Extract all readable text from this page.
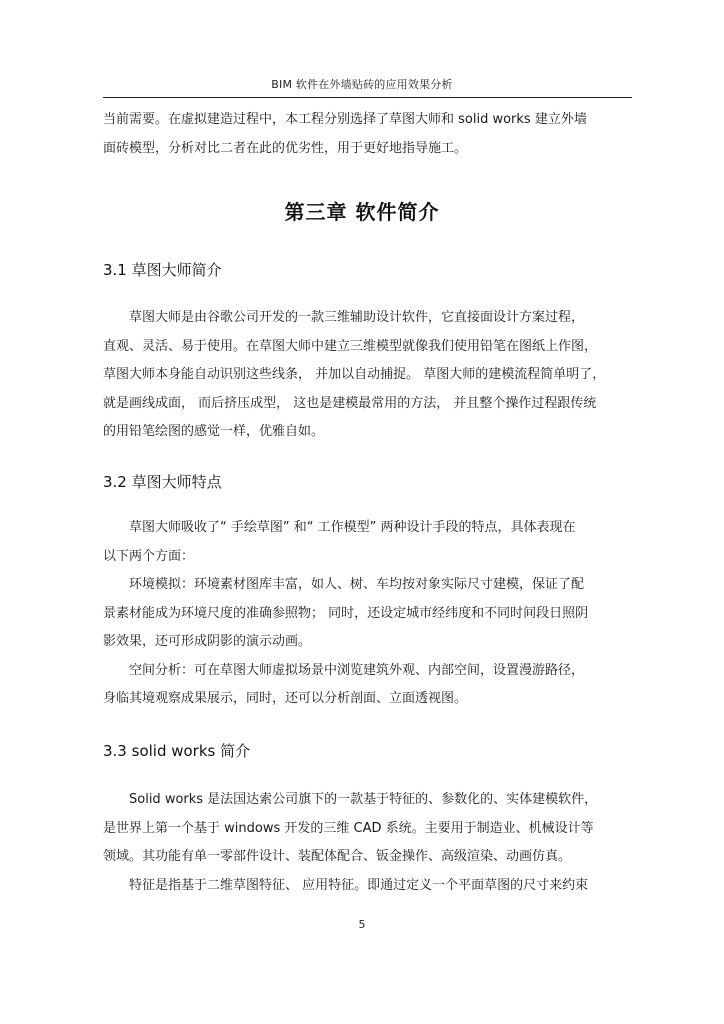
BIM 软件在外墙贴砖的应用效果分析
当前需要。在虚拟建造过程中，本工程分别选择了草图大师和 solid works 建立外墙
面砖模型，分析对比二者在此的优劣性，用于更好地指导施工。
第三章 软件简介
3.1 草图大师简介
草图大师是由谷歌公司开发的一款三维辅助设计软件，它直接面设计方案过程，
直观、灵活、易于使用。在草图大师中建立三维模型就像我们使用铅笔在图纸上作图，
草图大师本身能自动识别这些线条， 并加以自动捕捉。 草图大师的建模流程简单明了，
就是画线成面， 而后挤压成型， 这也是建模最常用的方法， 并且整个操作过程跟传统
的用铅笔绘图的感觉一样，优雅自如。
3.2 草图大师特点
草图大师吸收了“ 手绘草图” 和“ 工作模型” 两种设计手段的特点，具体表现在
以下两个方面：
环境模拟：环境素材图库丰富，如人、树、车均按对象实际尺寸建模，保证了配
景素材能成为环境尺度的准确参照物； 同时，还设定城市经纬度和不同时间段日照阴
影效果，还可形成阴影的演示动画。
空间分析：可在草图大师虚拟场景中浏览建筑外观、内部空间，设置漫游路径，
身临其境观察成果展示，同时，还可以分析剖面、立面透视图。
3.3 solid works 简介
Solid works 是法国达索公司旗下的一款基于特征的、参数化的、实体建模软件，
是世界上第一个基于 windows 开发的三维 CAD 系统。主要用于制造业、机械设计等
领域。其功能有单一零部件设计、装配体配合、钣金操作、高级渲染、动画仿真。
特征是指基于二维草图特征、 应用特征。即通过定义一个平面草图的尺寸来约束
5
